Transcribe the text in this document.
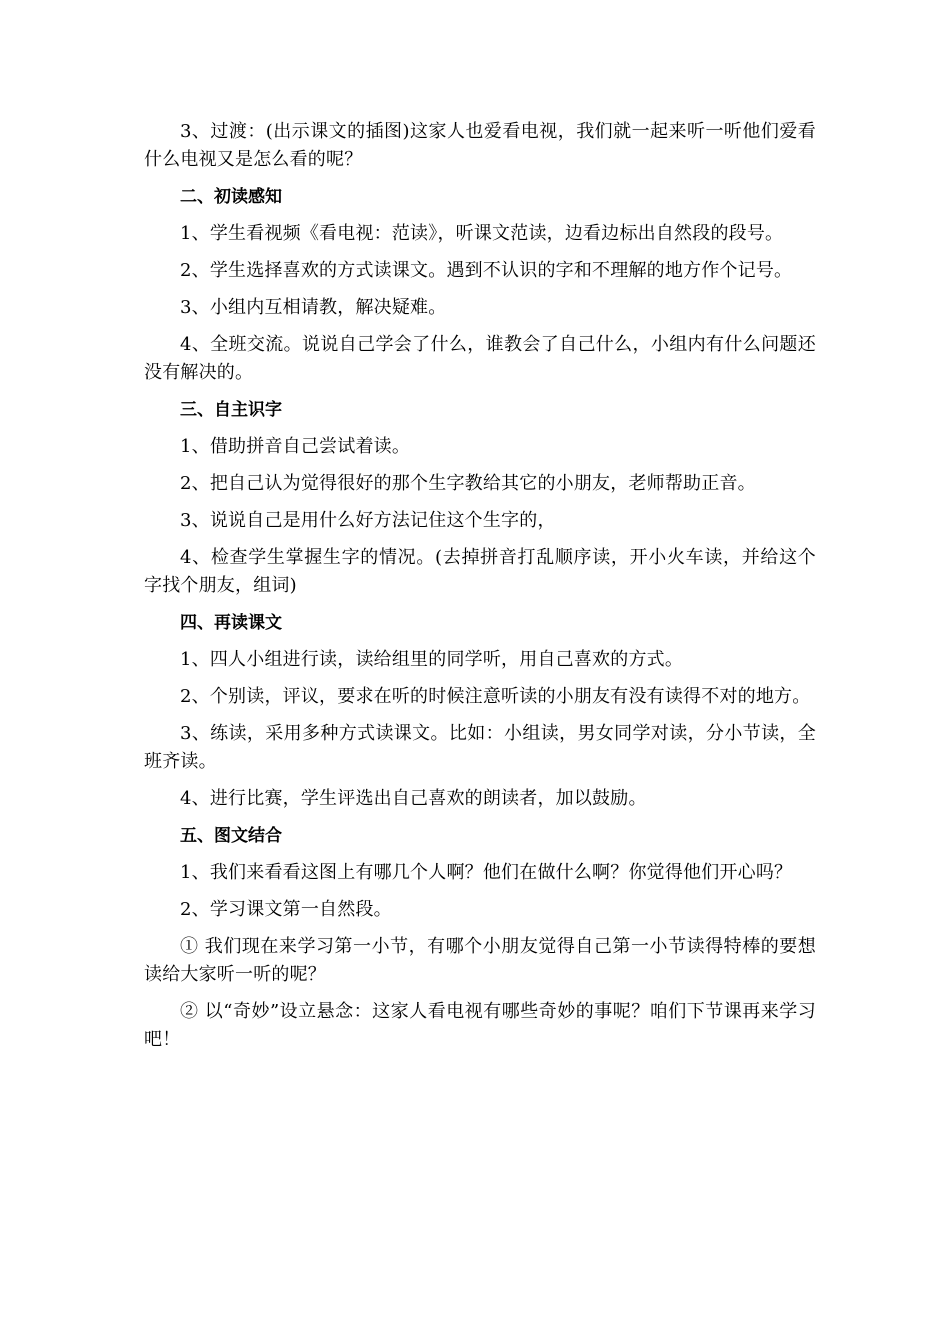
3、过渡：(出示课文的插图)这家人也爱看电视，我们就一起来听一听他们爱看什么电视又是怎么看的呢？

二、初读感知

1、学生看视频《看电视：范读》，听课文范读，边看边标出自然段的段号。

2、学生选择喜欢的方式读课文。遇到不认识的字和不理解的地方作个记号。

3、小组内互相请教，解决疑难。

4、全班交流。说说自己学会了什么，谁教会了自己什么，小组内有什么问题还没有解决的。

三、自主识字

1、借助拼音自己尝试着读。

2、把自己认为觉得很好的那个生字教给其它的小朋友，老师帮助正音。

3、说说自己是用什么好方法记住这个生字的，

4、检查学生掌握生字的情况。(去掉拼音打乱顺序读，开小火车读，并给这个字找个朋友，组词)

四、再读课文

1、四人小组进行读，读给组里的同学听，用自己喜欢的方式。

2、个别读，评议，要求在听的时候注意听读的小朋友有没有读得不对的地方。

3、练读，采用多种方式读课文。比如：小组读，男女同学对读，分小节读，全班齐读。

4、进行比赛，学生评选出自己喜欢的朗读者，加以鼓励。

五、图文结合

1、我们来看看这图上有哪几个人啊？他们在做什么啊？你觉得他们开心吗？

2、学习课文第一自然段。

① 我们现在来学习第一小节，有哪个小朋友觉得自己第一小节读得特棒的要想读给大家听一听的呢？

② 以“奇妙”设立悬念：这家人看电视有哪些奇妙的事呢？咱们下节课再来学习吧！
